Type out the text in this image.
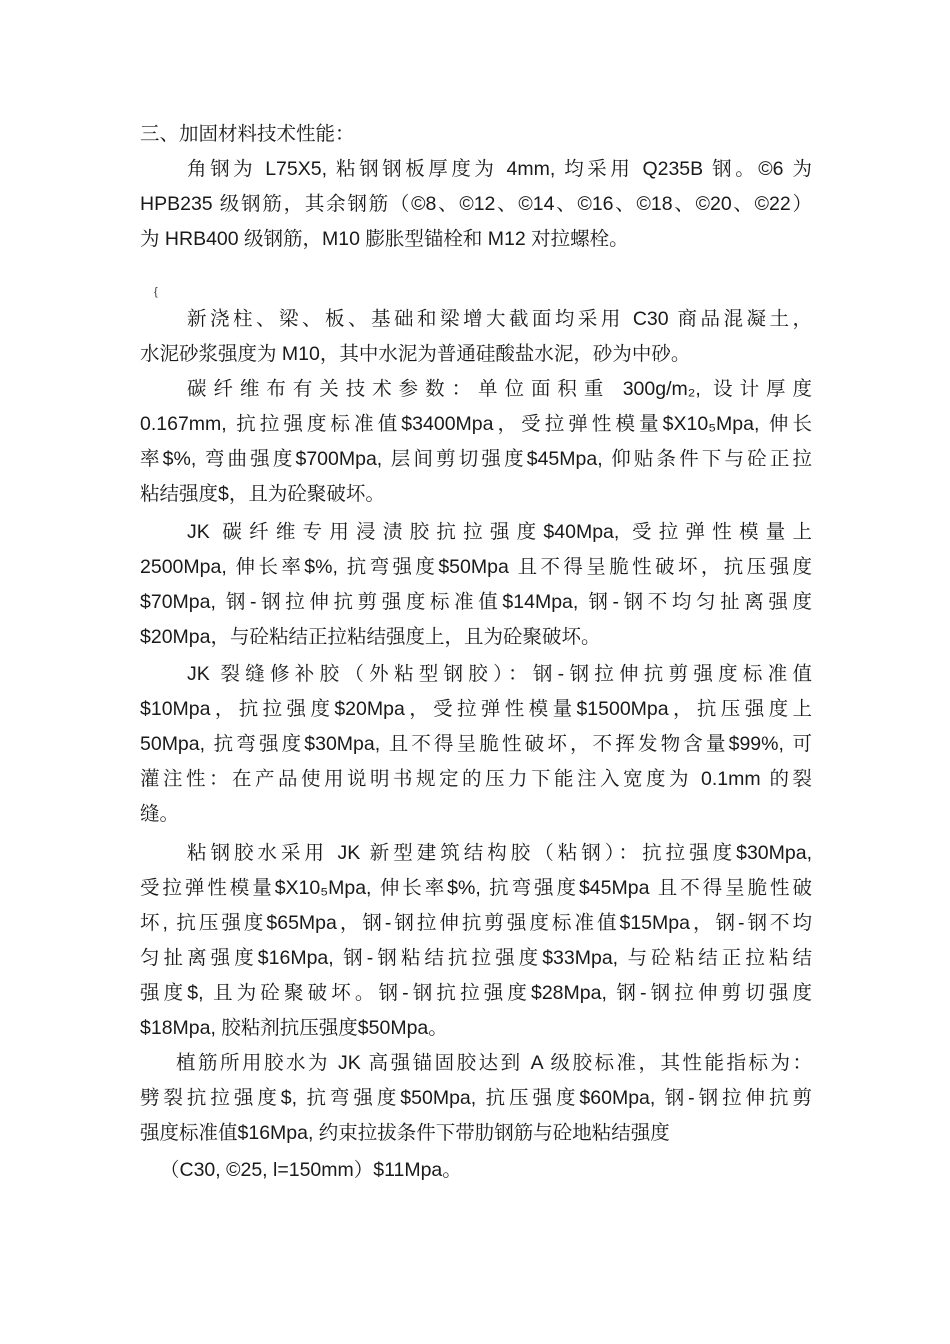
三、加固材料技术性能：
角钢为 L75X5, 粘钢钢板厚度为 4mm, 均采用 Q235B 钢。©6 为
HPB235 级钢筋，其余钢筋（©8、©12、©14、©16、©18、©20、©22）
为 HRB400 级钢筋，M10 膨胀型锚栓和 M12 对拉螺栓。
{
新浇柱、梁、板、基础和梁增大截面均采用 C30 商品混凝土，
水泥砂浆强度为 M10，其中水泥为普通硅酸盐水泥，砂为中砂。
碳纤维布有关技术参数：单位面积重 300g/m₂, 设计厚度
0.167mm, 抗拉强度标准值$3400Mpa，受拉弹性模量$X10₅Mpa, 伸长
率$%, 弯曲强度$700Mpa, 层间剪切强度$45Mpa, 仰贴条件下与砼正拉
粘结强度$，且为砼聚破坏。
JK 碳纤维专用浸渍胶抗拉强度$40Mpa, 受拉弹性模量上
2500Mpa, 伸长率$%, 抗弯强度$50Mpa 且不得呈脆性破坏，抗压强度
$70Mpa, 钢-钢拉伸抗剪强度标准值$14Mpa, 钢-钢不均匀扯离强度
$20Mpa，与砼粘结正拉粘结强度上，且为砼聚破坏。
JK 裂缝修补胶（外粘型钢胶）：钢-钢拉伸抗剪强度标准值
$10Mpa，抗拉强度$20Mpa，受拉弹性模量$1500Mpa，抗压强度上
50Mpa, 抗弯强度$30Mpa, 且不得呈脆性破坏，不挥发物含量$99%, 可
灌注性：在产品使用说明书规定的压力下能注入宽度为 0.1mm 的裂
缝。
粘钢胶水采用 JK 新型建筑结构胶（粘钢）：抗拉强度$30Mpa,
受拉弹性模量$X10₅Mpa, 伸长率$%, 抗弯强度$45Mpa 且不得呈脆性破
坏, 抗压强度$65Mpa，钢-钢拉伸抗剪强度标准值$15Mpa，钢-钢不均
匀扯离强度$16Mpa, 钢-钢粘结抗拉强度$33Mpa, 与砼粘结正拉粘结
强度$, 且为砼聚破坏。钢-钢抗拉强度$28Mpa, 钢-钢拉伸剪切强度
$18Mpa, 胶粘剂抗压强度$50Mpa。
植筋所用胶水为 JK 高强锚固胶达到 A 级胶标准，其性能指标为：
劈裂抗拉强度$, 抗弯强度$50Mpa, 抗压强度$60Mpa, 钢-钢拉伸抗剪
强度标准值$16Mpa, 约束拉拔条件下带肋钢筋与砼地粘结强度
（C30, ©25, l=150mm）$11Mpa。
